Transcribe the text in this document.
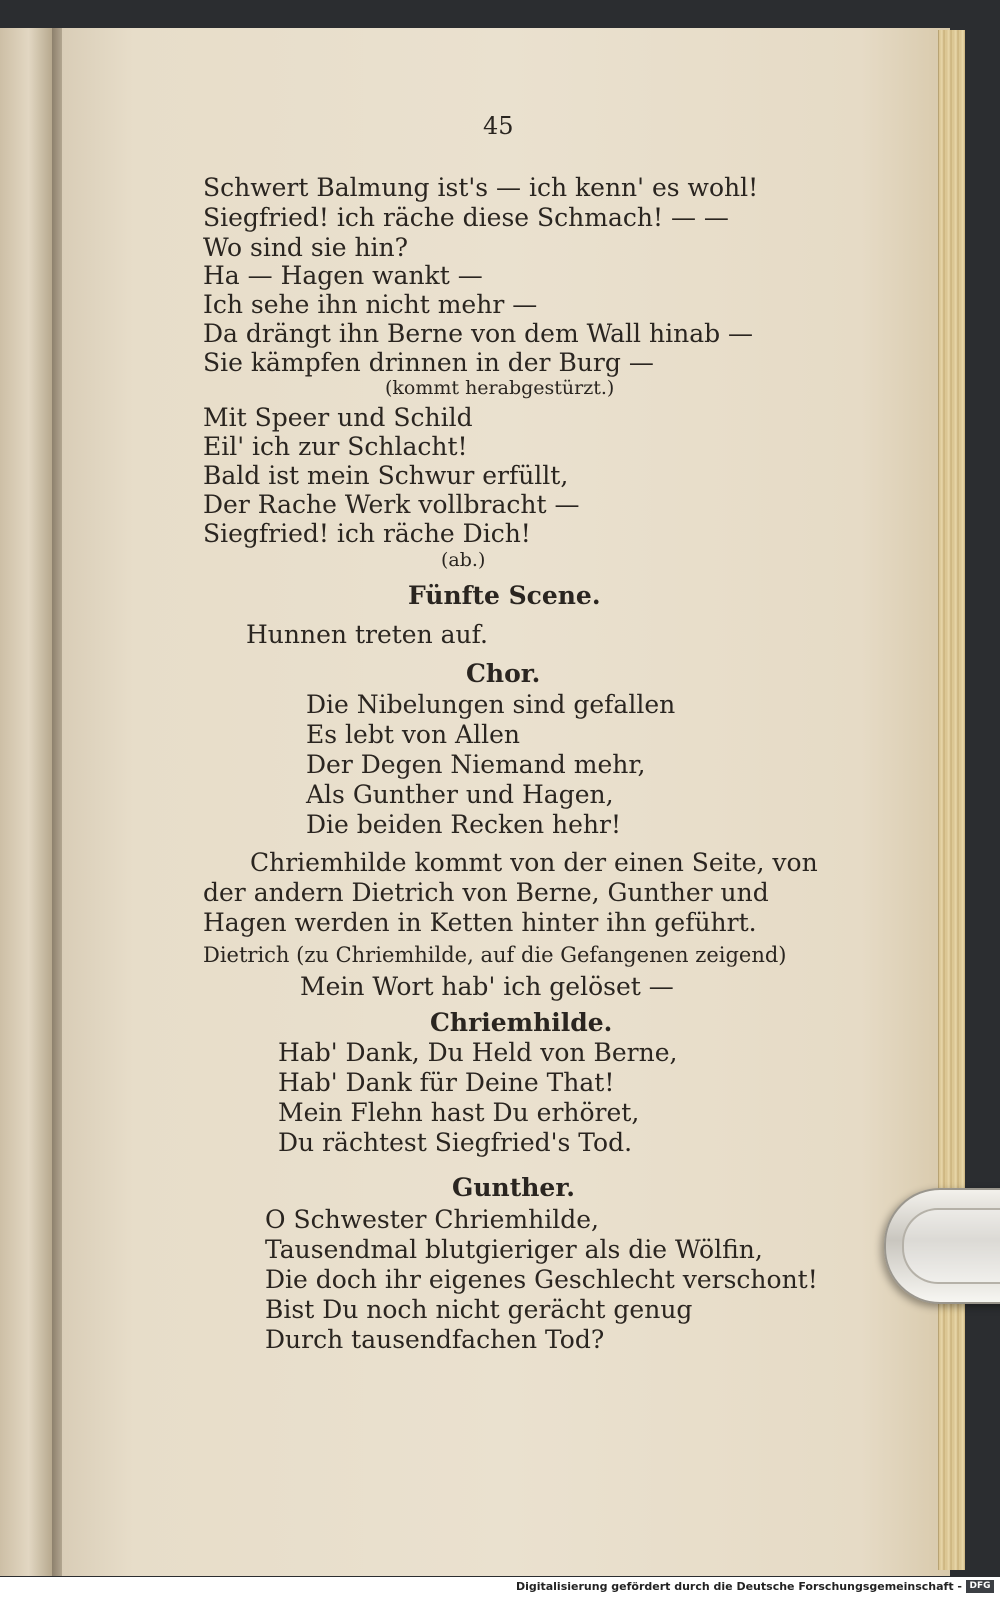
45
Schwert Balmung ist's — ich kenn' es wohl!
Siegfried! ich räche diese Schmach! — —
Wo sind sie hin?
Ha — Hagen wankt —
Ich sehe ihn nicht mehr —
Da drängt ihn Berne von dem Wall hinab —
Sie kämpfen drinnen in der Burg —
(kommt herabgestürzt.)
Mit Speer und Schild
Eil' ich zur Schlacht!
Bald ist mein Schwur erfüllt,
Der Rache Werk vollbracht —
Siegfried! ich räche Dich!
(ab.)
Fünfte Scene.
Hunnen treten auf.
Chor.
Die Nibelungen sind gefallen
Es lebt von Allen
Der Degen Niemand mehr,
Als Gunther und Hagen,
Die beiden Recken hehr!
Chriemhilde kommt von der einen Seite, von
der andern Dietrich von Berne, Gunther und
Hagen werden in Ketten hinter ihn geführt.
Dietrich (zu Chriemhilde, auf die Gefangenen zeigend)
Mein Wort hab' ich gelöset —
Chriemhilde.
Hab' Dank, Du Held von Berne,
Hab' Dank für Deine That!
Mein Flehn hast Du erhöret,
Du rächtest Siegfried's Tod.
Gunther.
O Schwester Chriemhilde,
Tausendmal blutgieriger als die Wölfin,
Die doch ihr eigenes Geschlecht verschont!
Bist Du noch nicht gerächt genug
Durch tausendfachen Tod?
Digitalisierung gefördert durch die Deutsche Forschungsgemeinschaft - DFG
